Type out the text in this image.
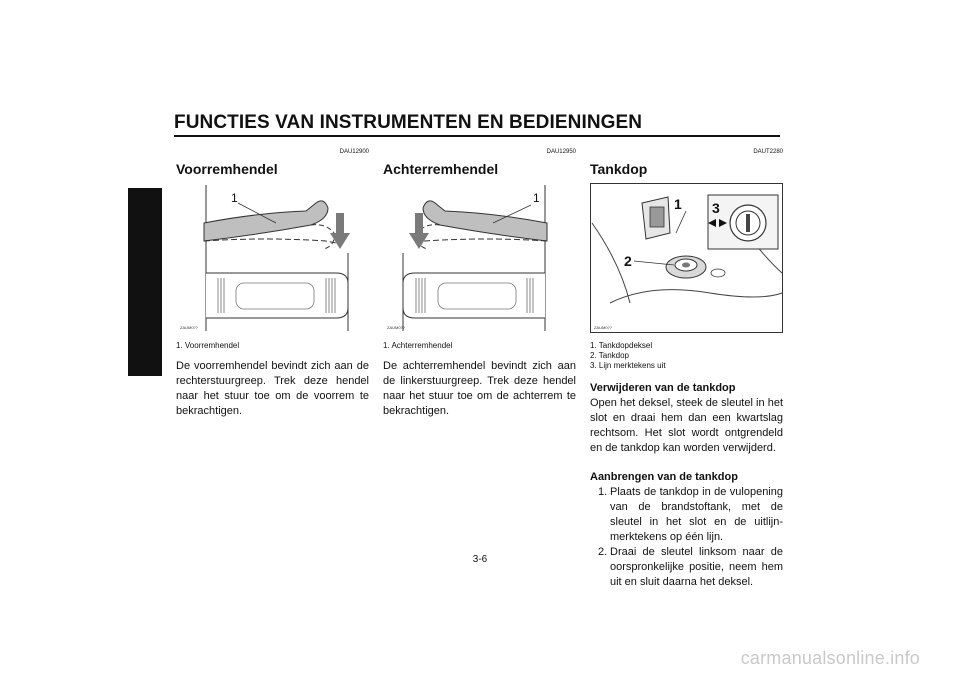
FUNCTIES VAN INSTRUMENTEN EN BEDIENINGEN
3
DAU12900
Voorremhendel
1
ZAUM0??
1. Voorremhendel
De voorremhendel bevindt zich aan de rechterstuurgreep. Trek deze hendel naar het stuur toe om de voorrem te bekrachtigen.
DAU12950
Achterremhendel
1
ZAUM0??
1. Achterremhendel
De achterremhendel bevindt zich aan de linkerstuurgreep. Trek deze hendel naar het stuur toe om de achterrem te bekrachtigen.
DAUT2280
Tankdop
1
2
3
ZAUM0??
1. Tankdopdeksel
2. Tankdop
3. Lijn merktekens uit
Verwijderen van de tankdop
Open het deksel, steek de sleutel in het slot en draai hem dan een kwartslag rechtsom. Het slot wordt ontgrendeld en de tankdop kan worden verwijderd.
Aanbrengen van de tankdop
1. Plaats de tankdop in de vulopening van de brandstoftank, met de sleutel in het slot en de uitlijn-merktekens op één lijn.
2. Draai de sleutel linksom naar de oorspronkelijke positie, neem hem uit en sluit daarna het deksel.
3-6
carmanualsonline.info
